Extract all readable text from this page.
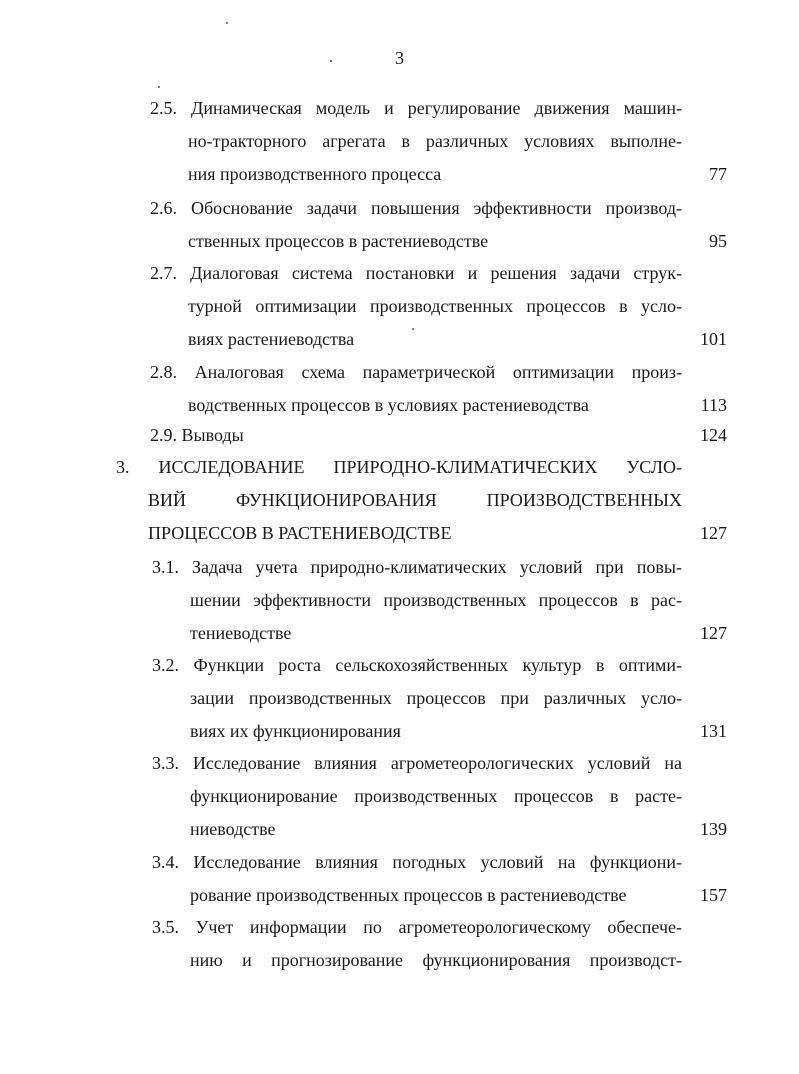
3
2.5. Динамическая модель и регулирование движения машин-
но-тракторного агрегата в различных условиях выполне-
ния производственного процесса	77
2.6. Обоснование задачи повышения эффективности производ-
ственных процессов в растениеводстве	95
2.7. Диалоговая система постановки и решения задачи струк-
турной оптимизации производственных процессов в усло-
виях растениеводства	101
2.8. Аналоговая схема параметрической оптимизации произ-
водственных процессов в условиях растениеводства	113
2.9. Выводы	124
3. ИССЛЕДОВАНИЕ ПРИРОДНО-КЛИМАТИЧЕСКИХ УСЛО-
ВИЙ ФУНКЦИОНИРОВАНИЯ ПРОИЗВОДСТВЕННЫХ
ПРОЦЕССОВ В РАСТЕНИЕВОДСТВЕ	127
3.1. Задача учета природно-климатических условий при повы-
шении эффективности производственных процессов в рас-
тениеводстве	127
3.2. Функции роста сельскохозяйственных культур в оптими-
зации производственных процессов при различных усло-
виях их функционирования	131
3.3. Исследование влияния агрометеорологических условий на
функционирование производственных процессов в расте-
ниеводстве	139
3.4. Исследование влияния погодных условий на функциони-
рование производственных процессов в растениеводстве	157
3.5. Учет информации по агрометеорологическому обеспече-
нию и прогнозирование функционирования производст-
